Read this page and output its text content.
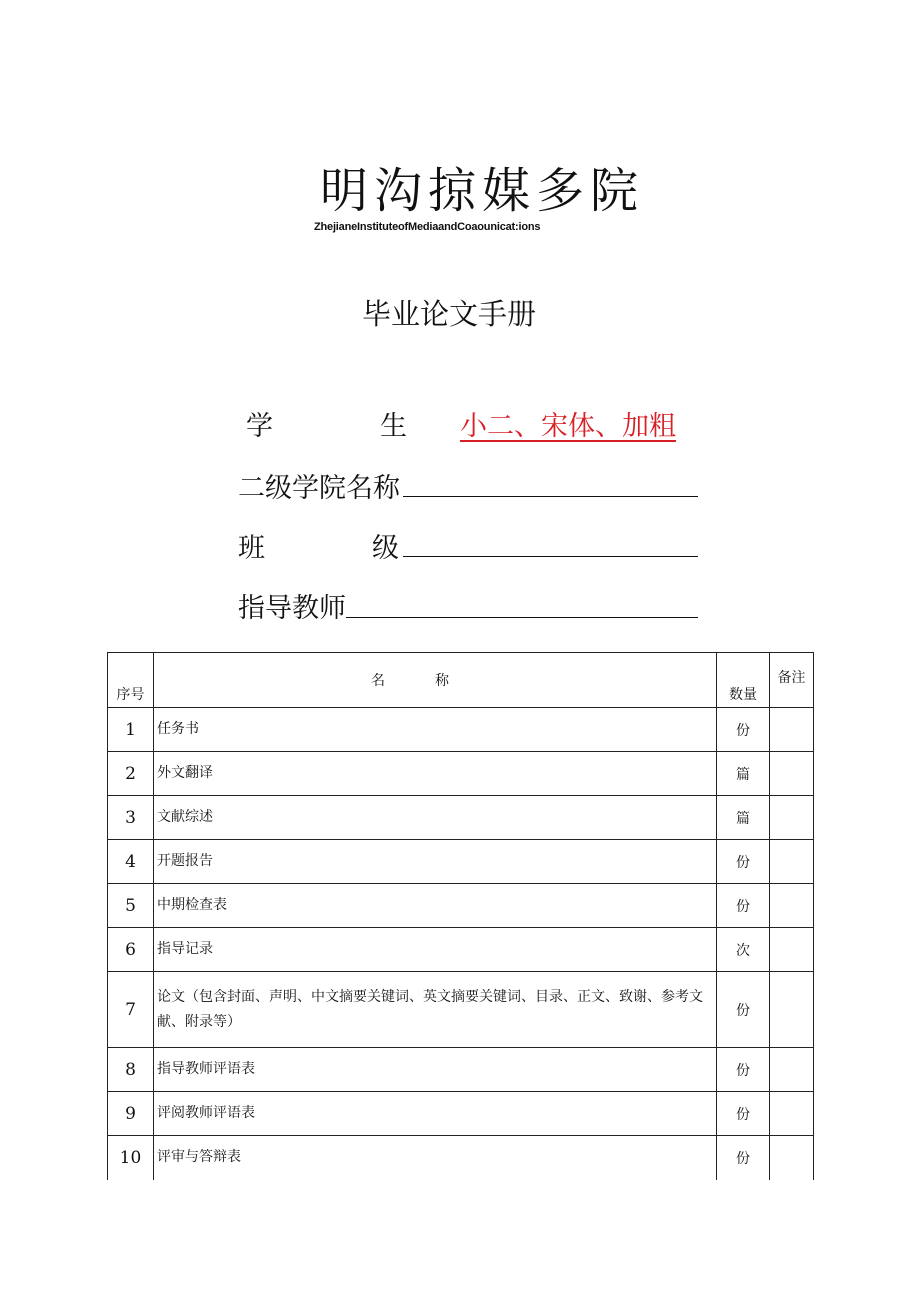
明沟掠媒多院
ZhejianeInstituteofMediaandCoaounicat:ions
毕业论文手册
学	生 小二、宋体、加粗
二级学院名称
班	级
指导教师
序号	名称	数量	备注
1	任务书	份	
2	外文翻译	篇	
3	文献综述	篇	
4	开题报告	份	
5	中期检查表	份	
6	指导记录	次	
7	论文（包含封面、声明、中文摘要关键词、英文摘要关键词、目录、正文、致谢、参考文献、附录等）	份	
8	指导教师评语表	份	
9	评阅教师评语表	份	
10	评审与答辩表	份	
